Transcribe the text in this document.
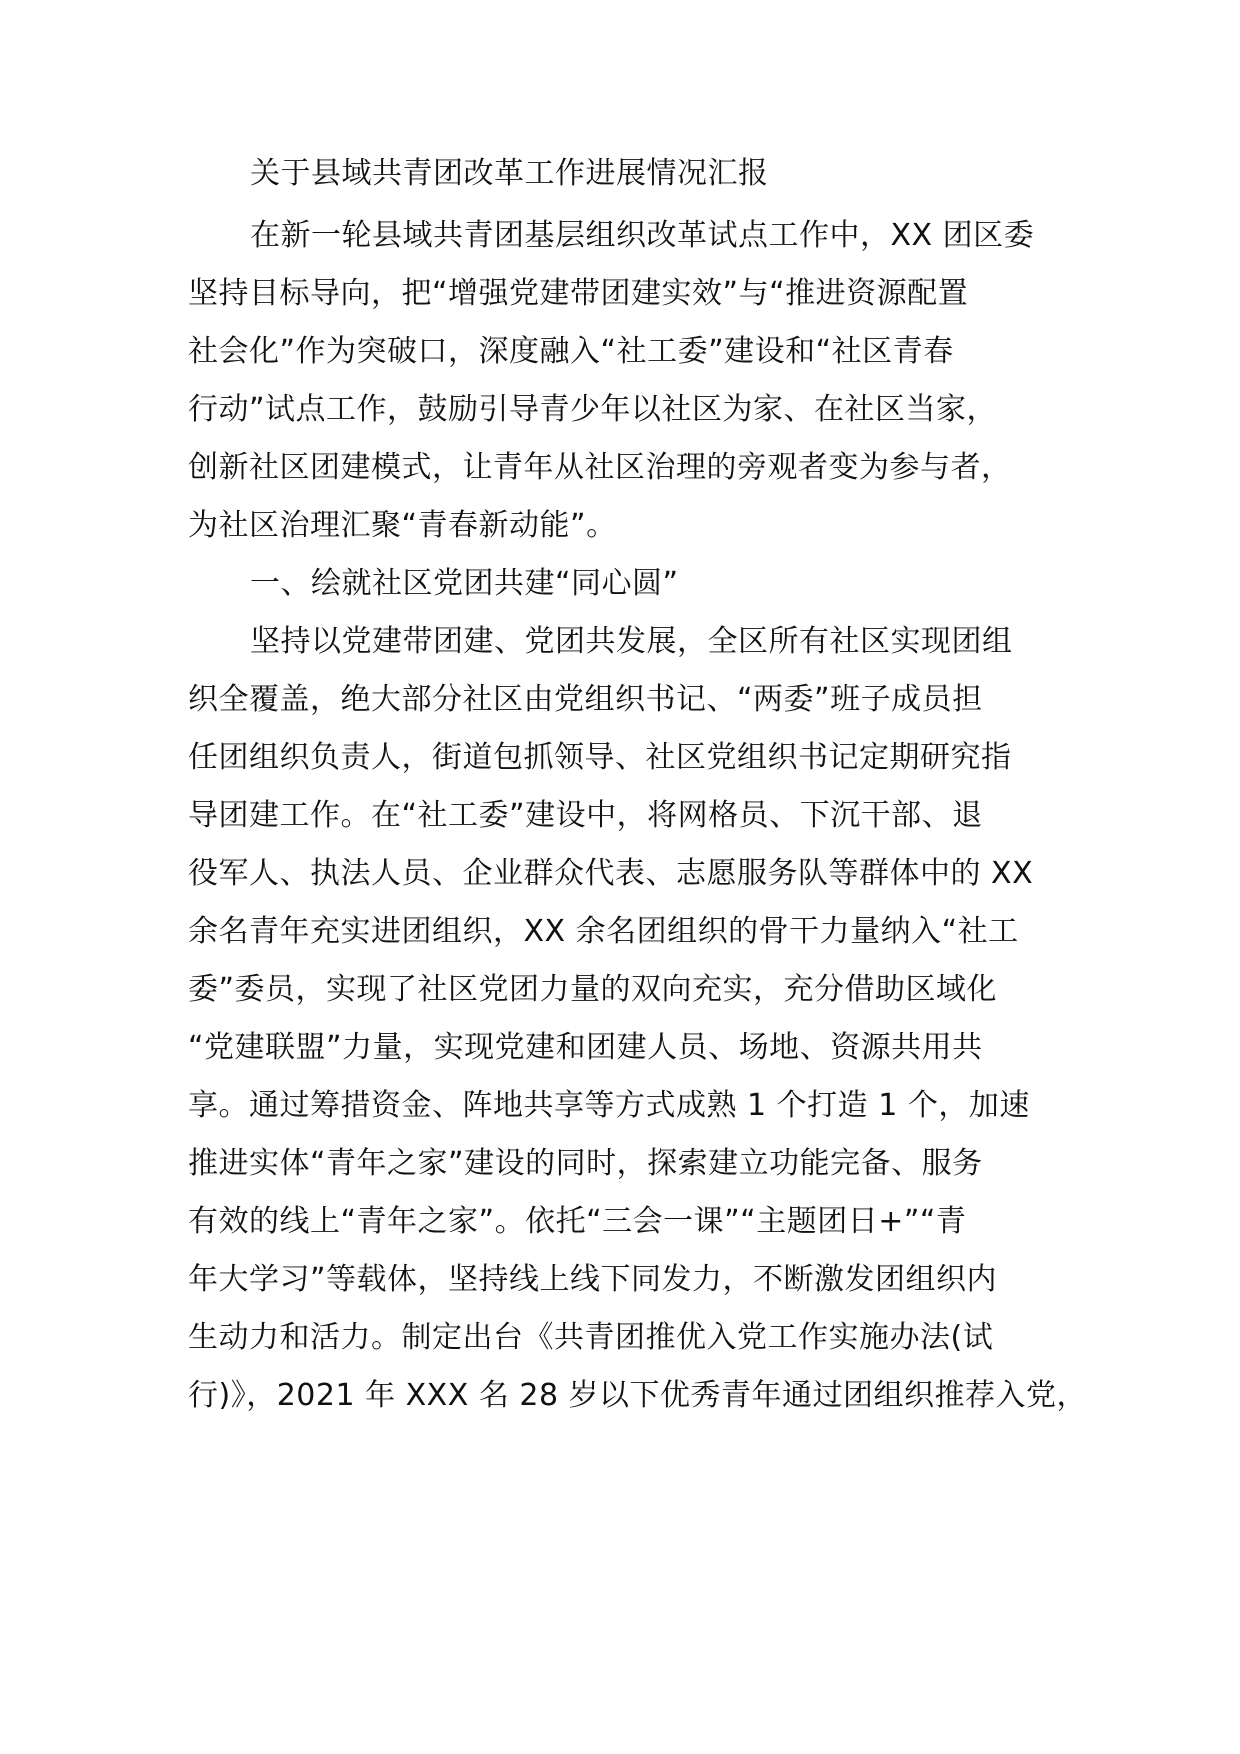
关于县域共青团改革工作进展情况汇报
在新一轮县域共青团基层组织改革试点工作中，XX 团区委
坚持目标导向，把“增强党建带团建实效”与“推进资源配置
社会化”作为突破口，深度融入“社工委”建设和“社区青春
行动”试点工作，鼓励引导青少年以社区为家、在社区当家，
创新社区团建模式，让青年从社区治理的旁观者变为参与者，
为社区治理汇聚“青春新动能”。
一、绘就社区党团共建“同心圆”
坚持以党建带团建、党团共发展，全区所有社区实现团组
织全覆盖，绝大部分社区由党组织书记、“两委”班子成员担
任团组织负责人，街道包抓领导、社区党组织书记定期研究指
导团建工作。在“社工委”建设中，将网格员、下沉干部、退
役军人、执法人员、企业群众代表、志愿服务队等群体中的 XX
余名青年充实进团组织，XX 余名团组织的骨干力量纳入“社工
委”委员，实现了社区党团力量的双向充实，充分借助区域化
“党建联盟”力量，实现党建和团建人员、场地、资源共用共
享。通过筹措资金、阵地共享等方式成熟 1 个打造 1 个，加速
推进实体“青年之家”建设的同时，探索建立功能完备、服务
有效的线上“青年之家”。依托“三会一课”“主题团日+”“青
年大学习”等载体，坚持线上线下同发力，不断激发团组织内
生动力和活力。制定出台《共青团推优入党工作实施办法(试
行)》，2021 年 XXX 名 28 岁以下优秀青年通过团组织推荐入党，
